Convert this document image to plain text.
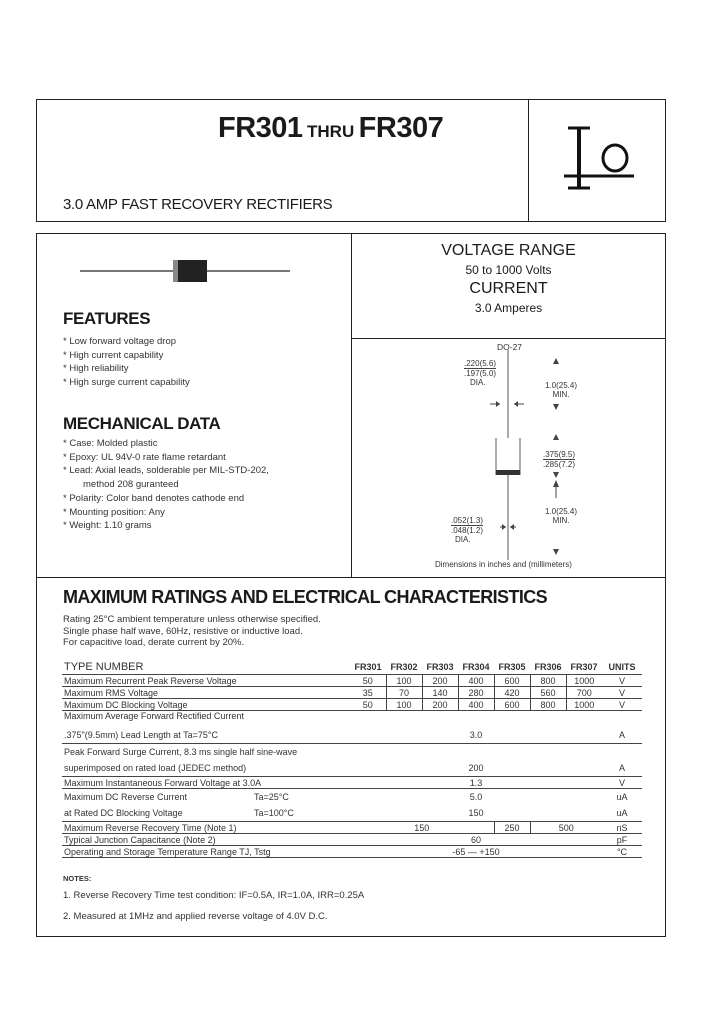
FR301 THRU FR307
3.0 AMP FAST RECOVERY RECTIFIERS
FEATURES
* Low forward voltage drop
* High current capability
* High reliability
* High surge current capability
MECHANICAL DATA
* Case: Molded plastic
* Epoxy: UL 94V-0 rate flame retardant
* Lead: Axial leads, solderable per MIL-STD-202,
method 208 guranteed
* Polarity: Color band denotes cathode end
* Mounting position: Any
* Weight: 1.10 grams
VOLTAGE RANGE
50 to 1000 Volts
CURRENT
3.0 Amperes
DO-27
.220(5.6)
.197(5.0)
DIA.	1.0(25.4)
MIN.
.375(9.5)
.285(7.2)
1.0(25.4)
MIN.
.052(1.3)
.048(1.2)
DIA.
Dimensions in inches and (millimeters)
MAXIMUM RATINGS AND ELECTRICAL CHARACTERISTICS
Rating 25°C ambient temperature unless otherwise specified.
Single phase half wave, 60Hz, resistive or inductive load.
For capacitive load, derate current by 20%.
TYPE NUMBER	FR301	FR302	FR303	FR304	FR305	FR306	FR307	UNITS
Maximum Recurrent Peak Reverse Voltage	50	100	200	400	600	800	1000	V
Maximum RMS Voltage	35	70	140	280	420	560	700	V
Maximum DC Blocking Voltage	50	100	200	400	600	800	1000	V
Maximum Average Forward Rectified Current								
.375"(9.5mm) Lead Length at Ta=75°C	3.0							A
Peak Forward Surge Current, 8.3 ms single half sine-wave								
superimposed on rated load (JEDEC method)	200							A
Maximum Instantaneous Forward Voltage at 3.0A	1.3							V
Maximum DC Reverse Current Ta=25°C	5.0							uA
at Rated DC Blocking Voltage Ta=100°C	150							uA
Maximum Reverse Recovery Time (Note 1)	150				250	500		nS
Typical Junction Capacitance (Note 2)	60							pF
Operating and Storage Temperature Range TJ, Tstg	-65 — +150							°C
NOTES:
1. Reverse Recovery Time test condition: IF=0.5A, IR=1.0A, IRR=0.25A
2. Measured at 1MHz and applied reverse voltage of 4.0V D.C.
